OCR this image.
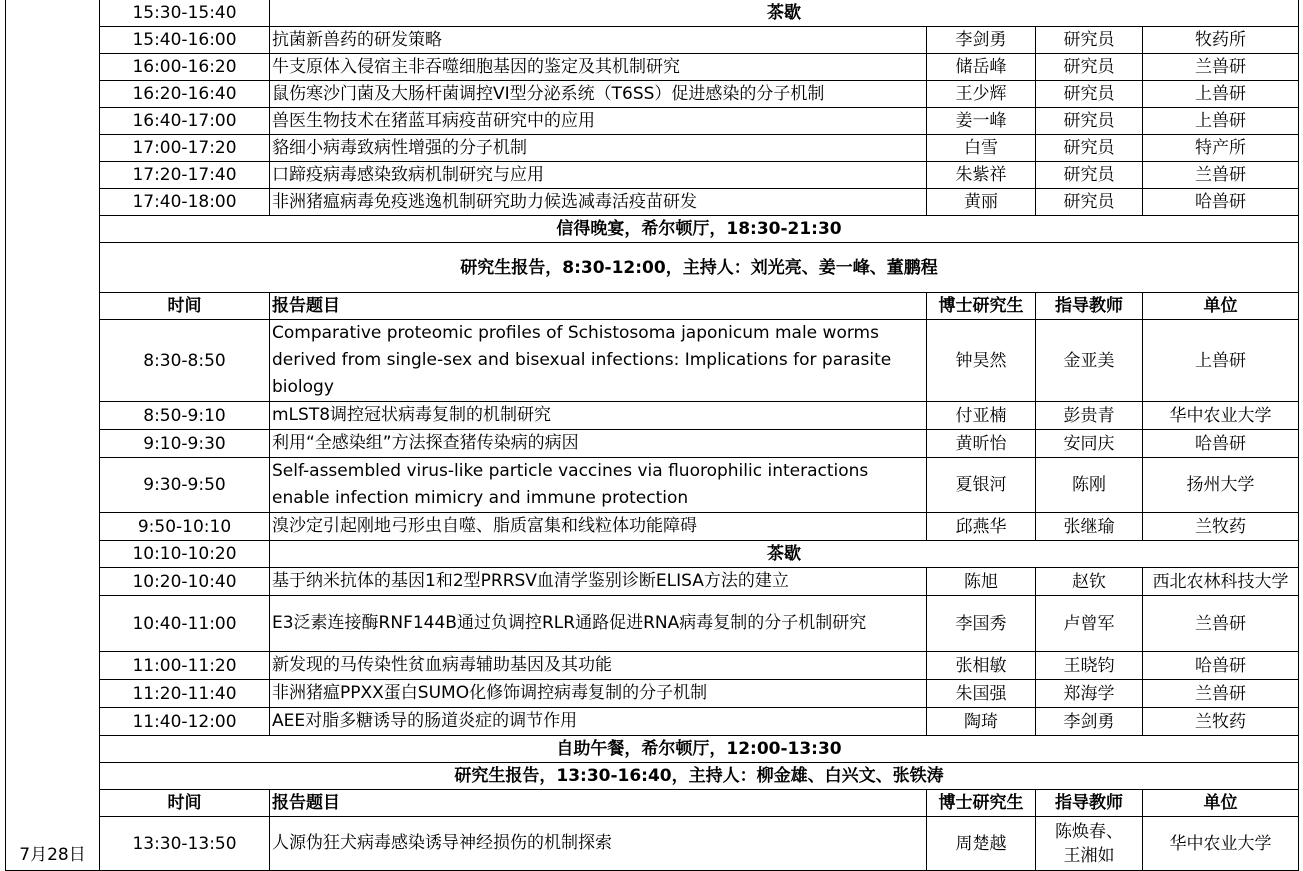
	15:30-15:40	茶歇			
	15:40-16:00	抗菌新兽药的研发策略	李剑勇	研究员	牧药所
	16:00-16:20	牛支原体入侵宿主非吞噬细胞基因的鉴定及其机制研究	储岳峰	研究员	兰兽研
	16:20-16:40	鼠伤寒沙门菌及大肠杆菌调控VI型分泌系统（T6SS）促进感染的分子机制	王少辉	研究员	上兽研
	16:40-17:00	兽医生物技术在猪蓝耳病疫苗研究中的应用	姜一峰	研究员	上兽研
	17:00-17:20	貉细小病毒致病性增强的分子机制	白雪	研究员	特产所
	17:20-17:40	口蹄疫病毒感染致病机制研究与应用	朱紫祥	研究员	兰兽研
	17:40-18:00	非洲猪瘟病毒免疫逃逸机制研究助力候选减毒活疫苗研发	黄丽	研究员	哈兽研
	信得晚宴，希尔顿厅，18:30-21:30				
7月28日	研究生报告，8:30-12:00，主持人：刘光亮、姜一峰、董鹏程				
	时间	报告题目	博士研究生	指导教师	单位
	8:30-8:50	Comparative proteomic profiles of Schistosoma japonicum male worms derived from single-sex and bisexual infections: Implications for parasite biology	钟昊然	金亚美	上兽研
	8:50-9:10	mLST8调控冠状病毒复制的机制研究	付亚楠	彭贵青	华中农业大学
	9:10-9:30	利用“全感染组”方法探查猪传染病的病因	黄昕怡	安同庆	哈兽研
	9:30-9:50	Self-assembled virus-like particle vaccines via fluorophilic interactions enable infection mimicry and immune protection	夏银河	陈刚	扬州大学
	9:50-10:10	溴沙定引起刚地弓形虫自噬、脂质富集和线粒体功能障碍	邱燕华	张继瑜	兰牧药
	10:10-10:20	茶歇			
	10:20-10:40	基于纳米抗体的基因1和2型PRRSV血清学鉴别诊断ELISA方法的建立	陈旭	赵钦	西北农林科技大学
	10:40-11:00	E3泛素连接酶RNF144B通过负调控RLR通路促进RNA病毒复制的分子机制研究	李国秀	卢曾军	兰兽研
	11:00-11:20	新发现的马传染性贫血病毒辅助基因及其功能	张相敏	王晓钧	哈兽研
	11:20-11:40	非洲猪瘟PPXX蛋白SUMO化修饰调控病毒复制的分子机制	朱国强	郑海学	兰兽研
	11:40-12:00	AEE对脂多糖诱导的肠道炎症的调节作用	陶琦	李剑勇	兰牧药
	自助午餐，希尔顿厅，12:00-13:30				
	研究生报告，13:30-16:40，主持人：柳金雄、白兴文、张铁涛				
	时间	报告题目	博士研究生	指导教师	单位
	13:30-13:50	人源伪狂犬病毒感染诱导神经损伤的机制探索	周楚越	陈焕春、王湘如	华中农业大学
